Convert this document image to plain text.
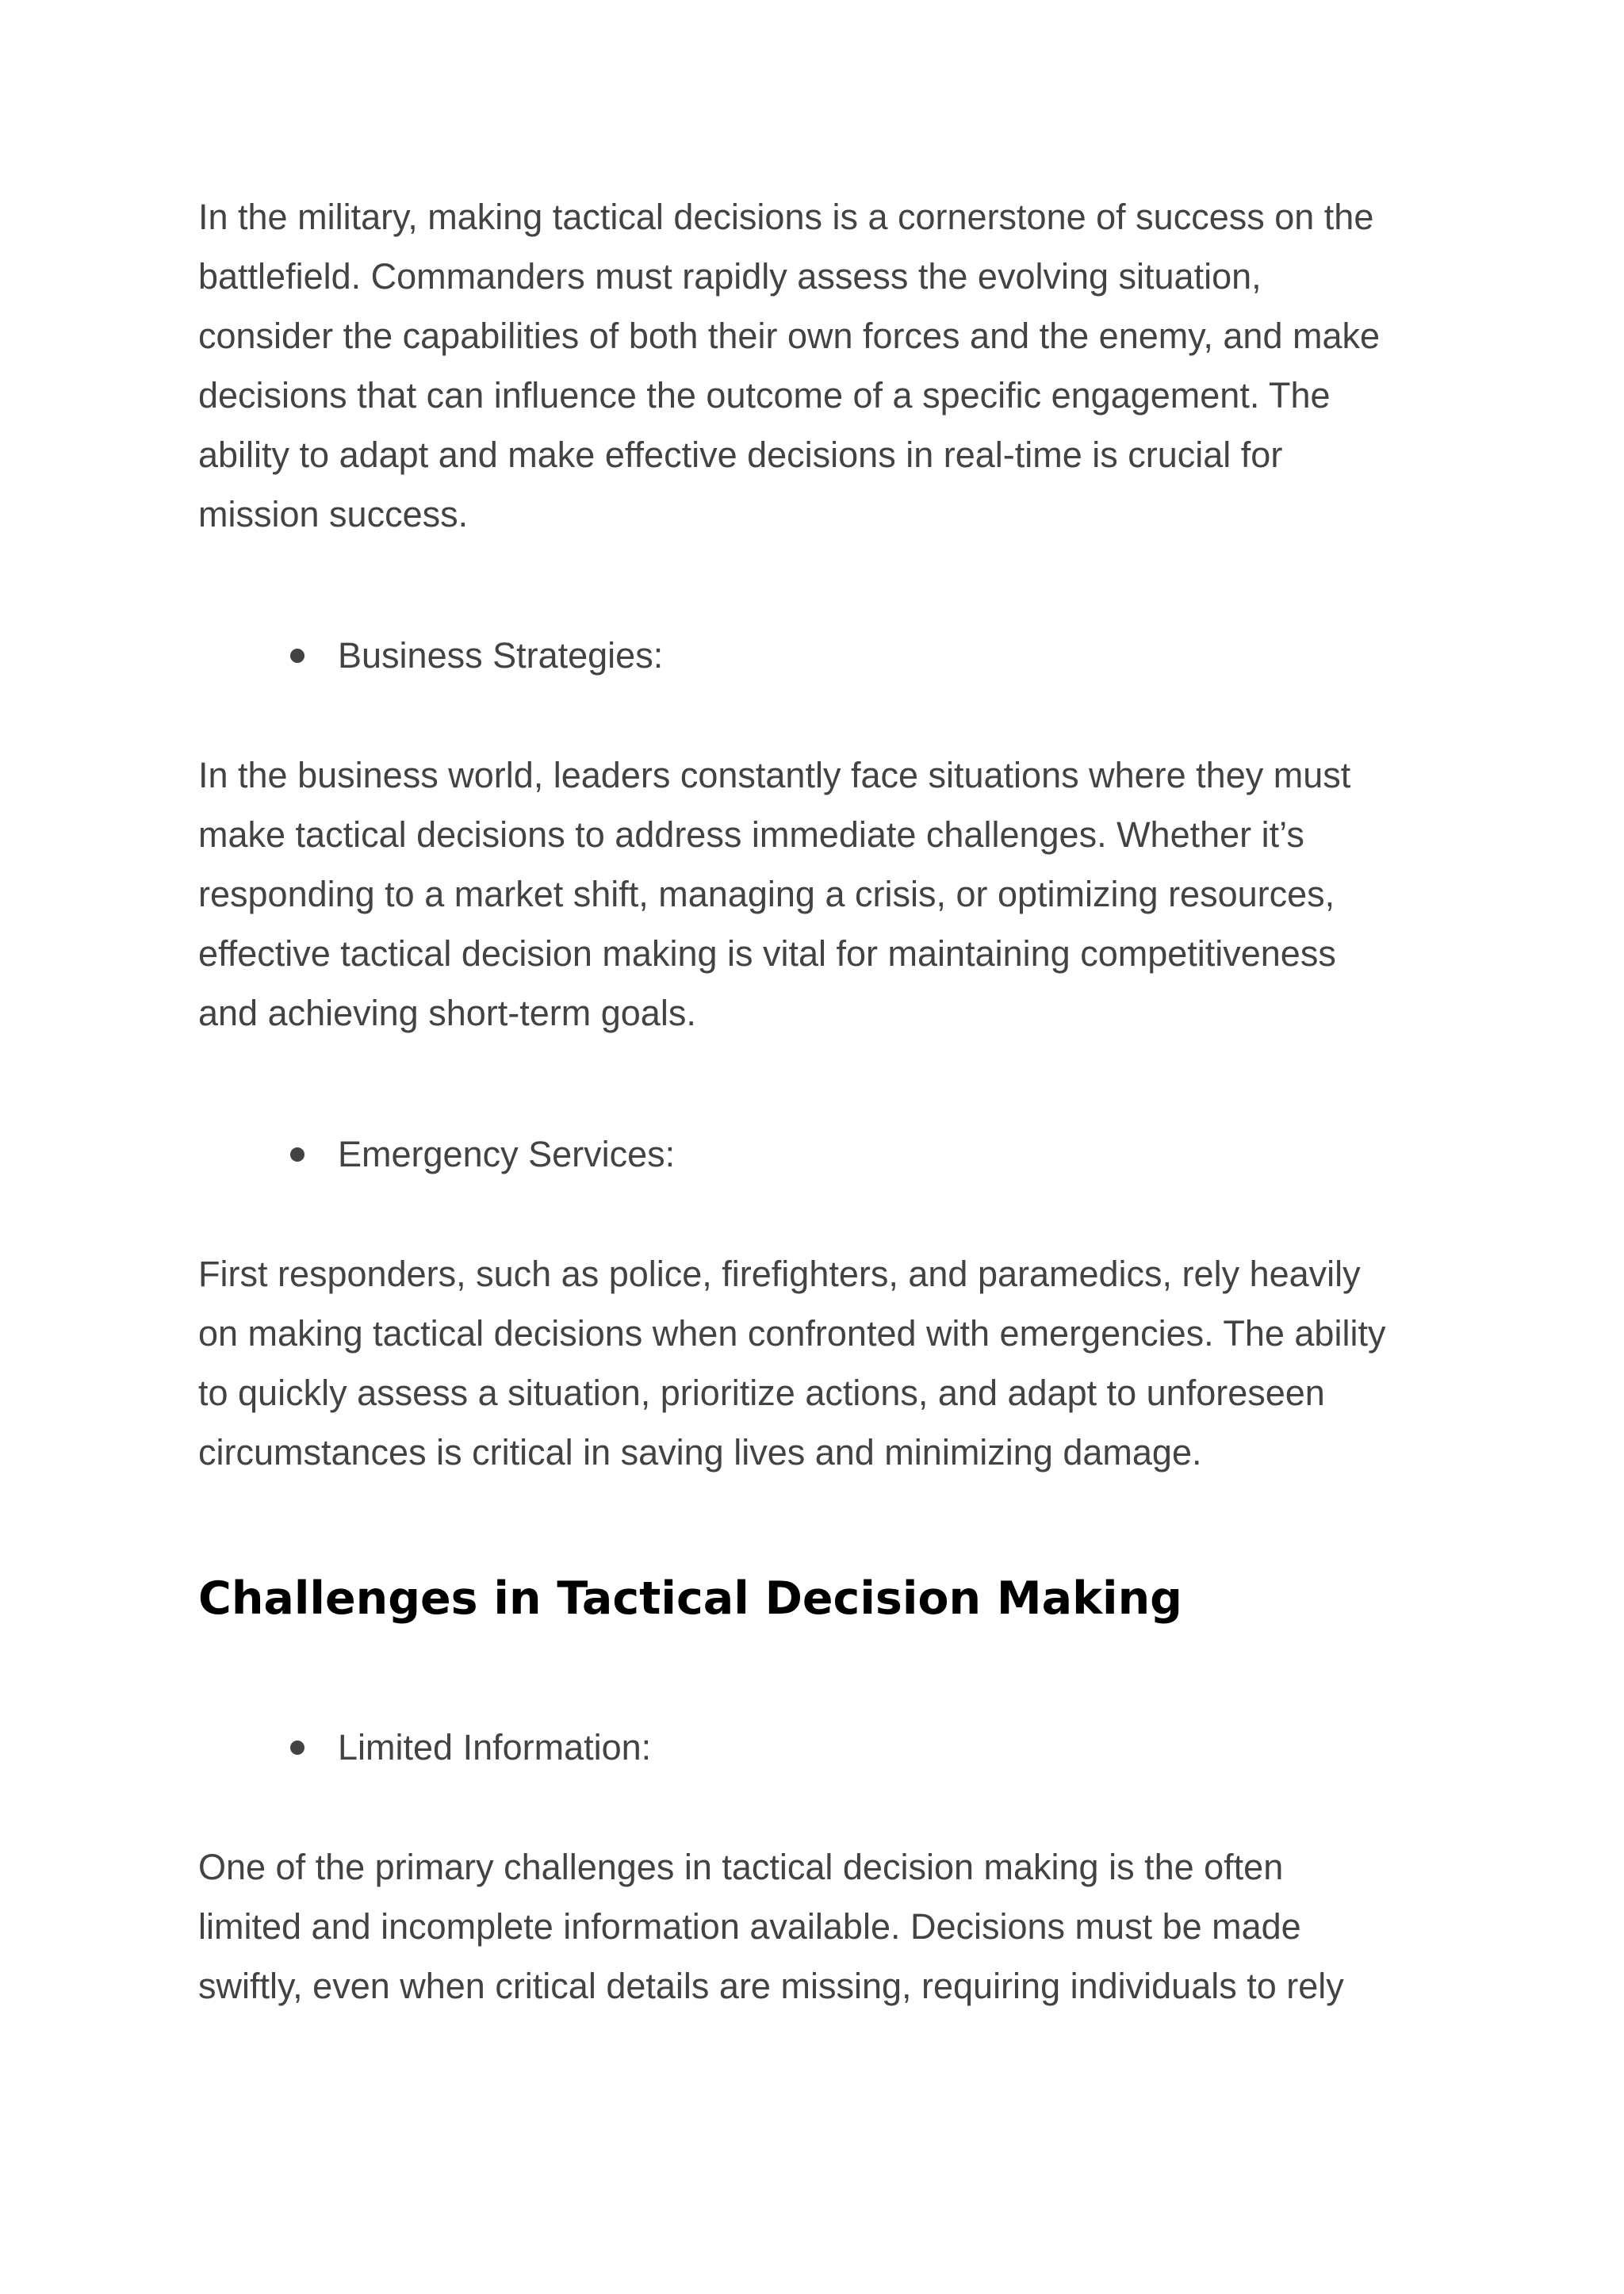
In the military, making tactical decisions is a cornerstone of success on the
battlefield. Commanders must rapidly assess the evolving situation,
consider the capabilities of both their own forces and the enemy, and make
decisions that can influence the outcome of a specific engagement. The
ability to adapt and make effective decisions in real-time is crucial for
mission success.

Business Strategies:

In the business world, leaders constantly face situations where they must
make tactical decisions to address immediate challenges. Whether it’s
responding to a market shift, managing a crisis, or optimizing resources,
effective tactical decision making is vital for maintaining competitiveness
and achieving short-term goals.

Emergency Services:

First responders, such as police, firefighters, and paramedics, rely heavily
on making tactical decisions when confronted with emergencies. The ability
to quickly assess a situation, prioritize actions, and adapt to unforeseen
circumstances is critical in saving lives and minimizing damage.

Challenges in Tactical Decision Making

Limited Information:

One of the primary challenges in tactical decision making is the often
limited and incomplete information available. Decisions must be made
swiftly, even when critical details are missing, requiring individuals to rely
